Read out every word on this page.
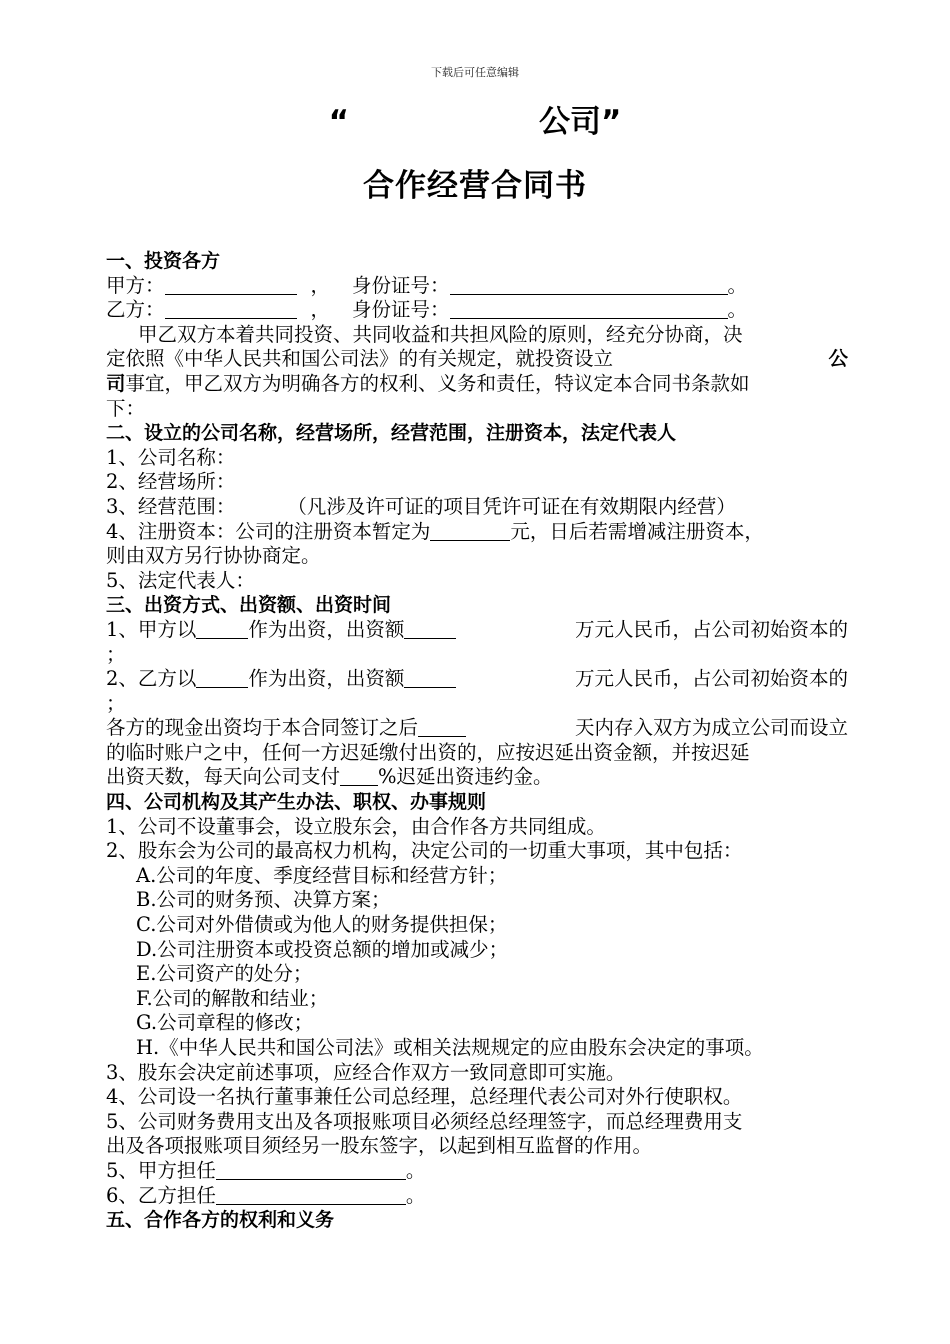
下载后可任意编辑
“	公司”
合作经营合同书
一、投资各方
甲方：	， 身份证号：	。
乙方：	， 身份证号：	。
甲乙双方本着共同投资、共同收益和共担风险的原则，经充分协商，决
定依照《中华人民共和国公司法》的有关规定，就投资设立	公
司事宜，甲乙双方为明确各方的权利、义务和责任，特议定本合同书条款如
下：
二、设立的公司名称，经营场所，经营范围，注册资本，法定代表人
1、公司名称：
2、经营场所：
3、经营范围：	（凡涉及许可证的项目凭许可证在有效期限内经营）
4、注册资本：公司的注册资本暂定为	元，日后若需增减注册资本，
则由双方另行协协商定。
5、法定代表人：
三、出资方式、出资额、出资时间
1、甲方以	作为出资，出资额	万元人民币，占公司初始资本的
；
2、乙方以	作为出资，出资额	万元人民币，占公司初始资本的
；
各方的现金出资均于本合同签订之后	天内存入双方为成立公司而设立
的临时账户之中，任何一方迟延缴付出资的，应按迟延出资金额，并按迟延
出资天数，每天向公司支付 %迟延出资违约金。
四、公司机构及其产生办法、职权、办事规则
1、公司不设董事会，设立股东会，由合作各方共同组成。
2、股东会为公司的最高权力机构，决定公司的一切重大事项，其中包括：
A.公司的年度、季度经营目标和经营方针；
B.公司的财务预、决算方案；
C.公司对外借债或为他人的财务提供担保；
D.公司注册资本或投资总额的增加或减少；
E.公司资产的处分；
F.公司的解散和结业；
G.公司章程的修改；
H.《中华人民共和国公司法》或相关法规规定的应由股东会决定的事项。
3、股东会决定前述事项，应经合作双方一致同意即可实施。
4、公司设一名执行董事兼任公司总经理，总经理代表公司对外行使职权。
5、公司财务费用支出及各项报账项目必须经总经理签字，而总经理费用支
出及各项报账项目须经另一股东签字，以起到相互监督的作用。
5、甲方担任	。
6、乙方担任	。
五、合作各方的权利和义务
